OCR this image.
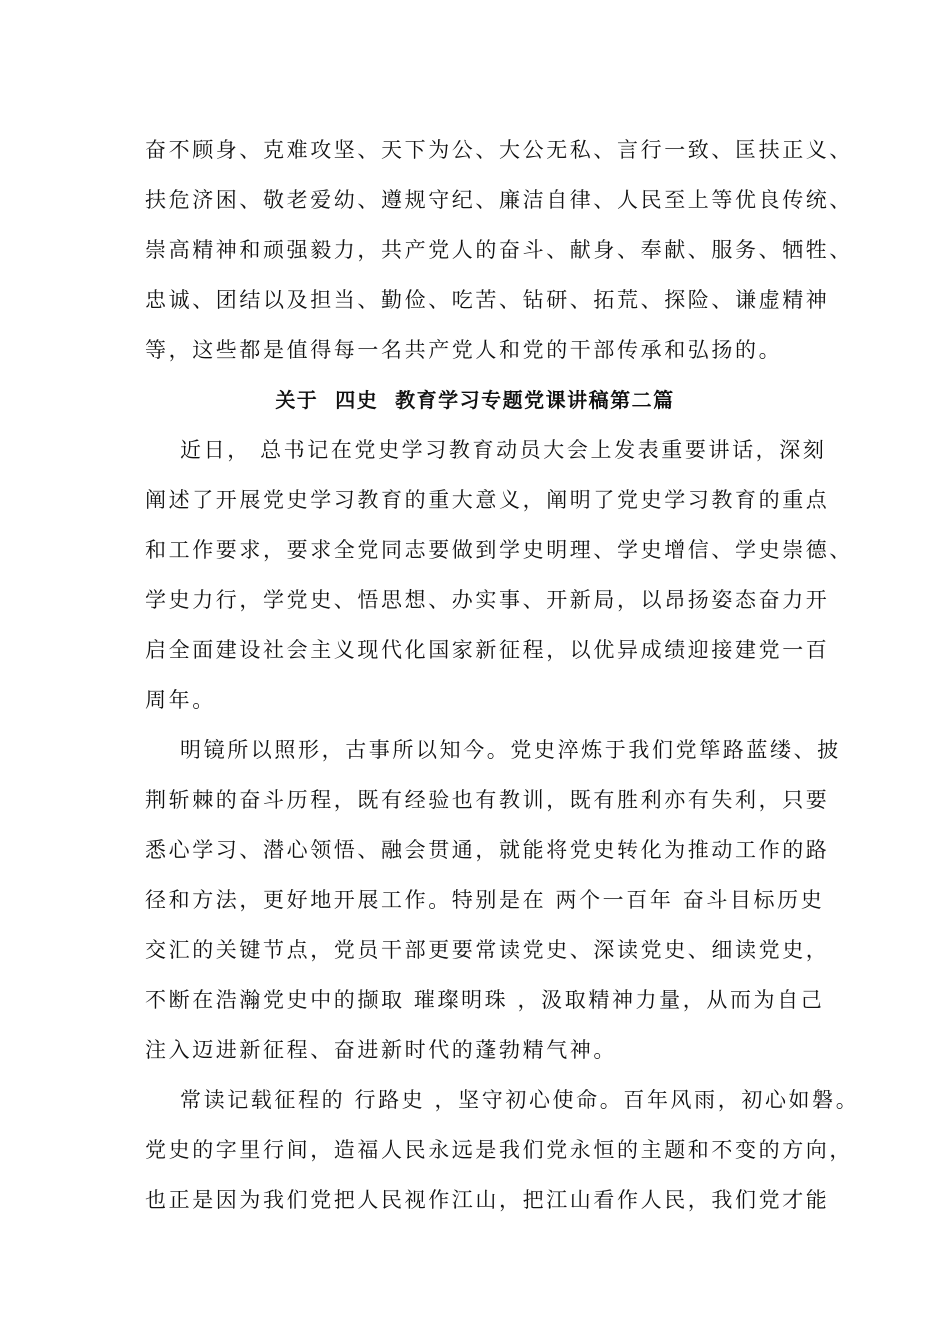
奋不顾身、克难攻坚、天下为公、大公无私、言行一致、匡扶正义、
扶危济困、敬老爱幼、遵规守纪、廉洁自律、人民至上等优良传统、
崇高精神和顽强毅力，共产党人的奋斗、献身、奉献、服务、牺牲、
忠诚、团结以及担当、勤俭、吃苦、钻研、拓荒、探险、谦虚精神
等，这些都是值得每一名共产党人和党的干部传承和弘扬的。
关于  四史  教育学习专题党课讲稿第二篇
近日， 总书记在党史学习教育动员大会上发表重要讲话，深刻
阐述了开展党史学习教育的重大意义，阐明了党史学习教育的重点
和工作要求，要求全党同志要做到学史明理、学史增信、学史崇德、
学史力行，学党史、悟思想、办实事、开新局，以昂扬姿态奋力开
启全面建设社会主义现代化国家新征程，以优异成绩迎接建党一百
周年。
明镜所以照形，古事所以知今。党史淬炼于我们党筚路蓝缕、披
荆斩棘的奋斗历程，既有经验也有教训，既有胜利亦有失利，只要
悉心学习、潜心领悟、融会贯通，就能将党史转化为推动工作的路
径和方法，更好地开展工作。特别是在 两个一百年 奋斗目标历史
交汇的关键节点，党员干部更要常读党史、深读党史、细读党史，
不断在浩瀚党史中的撷取 璀璨明珠 ，汲取精神力量，从而为自己
注入迈进新征程、奋进新时代的蓬勃精气神。
常读记载征程的 行路史 ，坚守初心使命。百年风雨，初心如磐。
党史的字里行间，造福人民永远是我们党永恒的主题和不变的方向，
也正是因为我们党把人民视作江山，把江山看作人民，我们党才能
